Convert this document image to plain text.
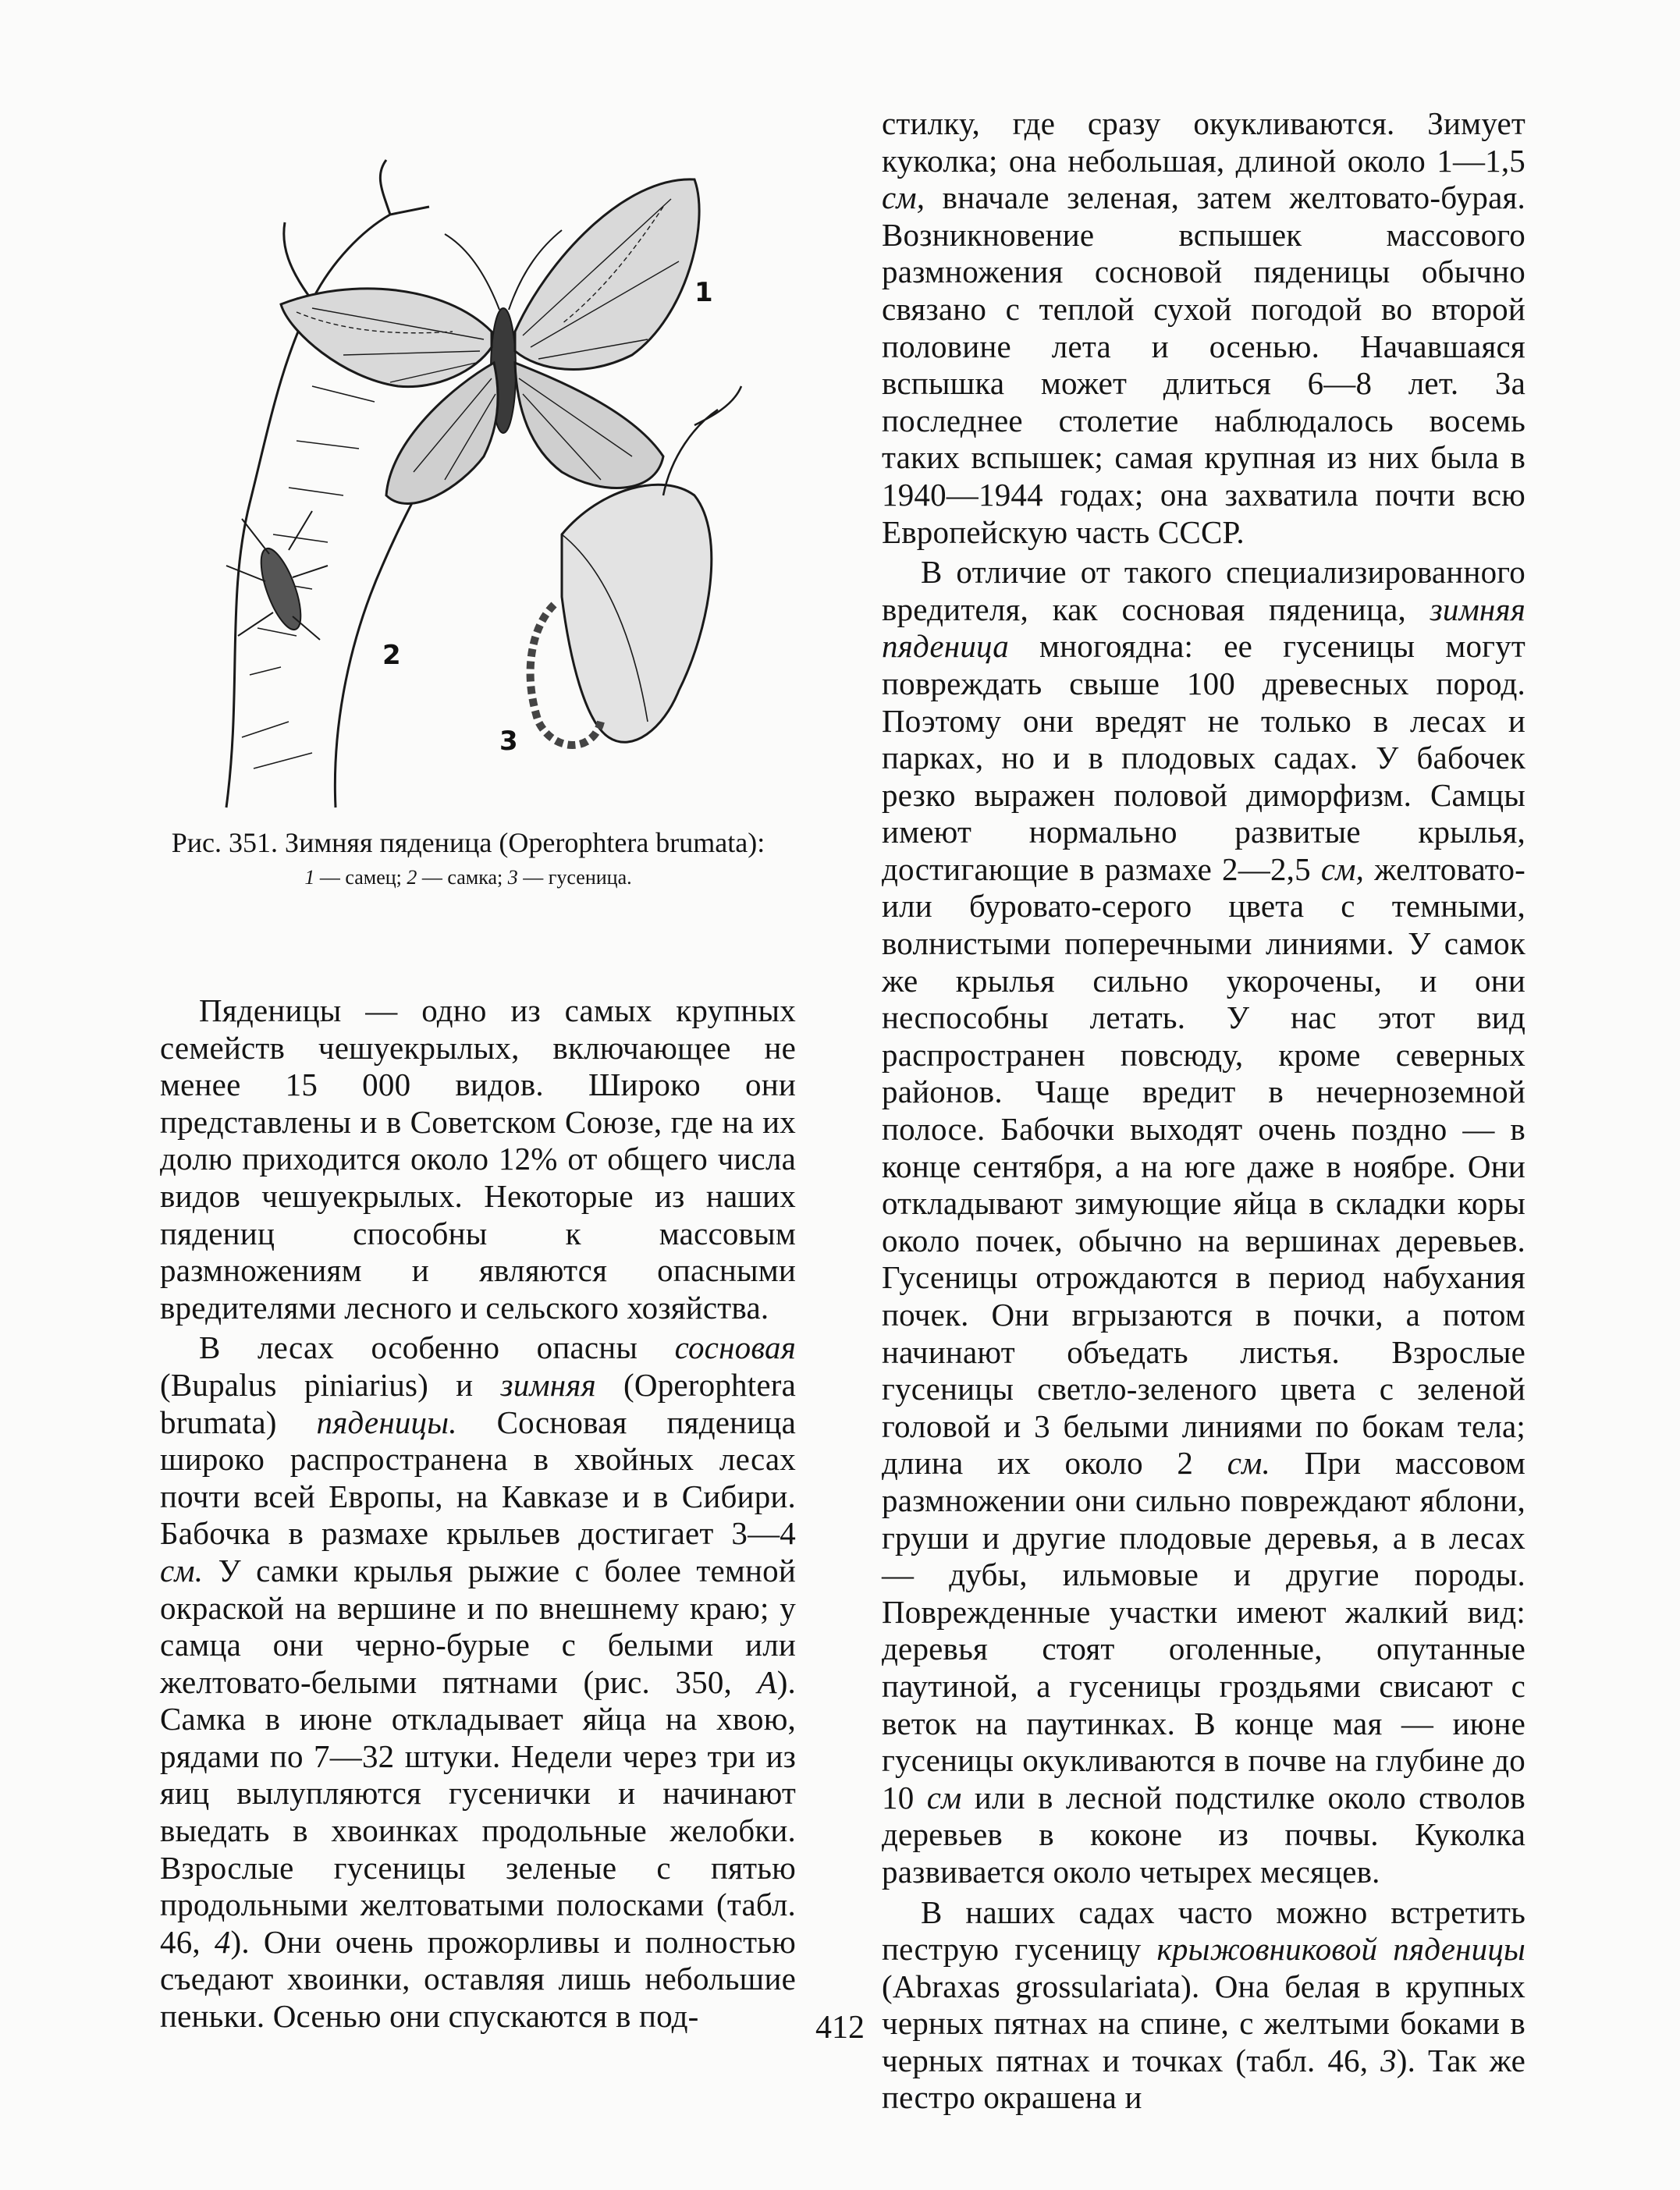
1
2
3
Рис. 351. Зимняя пяденица (Operophtera brumata):
1 — самец; 2 — самка; 3 — гусеница.

Пяденицы — одно из самых крупных семейств чешуекрылых, включающее не менее 15 000 видов. Широко они представлены и в Советском Союзе, где на их долю приходится около 12% от общего числа видов чешуекрылых. Некоторые из наших пядениц способны к массовым размножениям и являются опасными вредителями лесного и сельского хозяйства.

В лесах особенно опасны сосновая (Bupalus piniarius) и зимняя (Operophtera brumata) пяденицы. Сосновая пяденица широко распространена в хвойных лесах почти всей Европы, на Кавказе и в Сибири. Бабочка в размахе крыльев достигает 3—4 см. У самки крылья рыжие с более темной окраской на вершине и по внешнему краю; у самца они черно-бурые с белыми или желтовато-белыми пятнами (рис. 350, А). Самка в июне откладывает яйца на хвою, рядами по 7—32 штуки. Недели через три из яиц вылупляются гусенички и начинают выедать в хвоинках продольные желобки. Взрослые гусеницы зеленые с пятью продольными желтоватыми полосками (табл. 46, 4). Они очень прожорливы и полностью съедают хвоинки, оставляя лишь небольшие пеньки. Осенью они спускаются в под-

стилку, где сразу окукливаются. Зимует куколка; она небольшая, длиной около 1—1,5 см, вначале зеленая, затем желтовато-бурая. Возникновение вспышек массового размножения сосновой пяденицы обычно связано с теплой сухой погодой во второй половине лета и осенью. Начавшаяся вспышка может длиться 6—8 лет. За последнее столетие наблюдалось восемь таких вспышек; самая крупная из них была в 1940—1944 годах; она захватила почти всю Европейскую часть СССР.

В отличие от такого специализированного вредителя, как сосновая пяденица, зимняя пяденица многоядна: ее гусеницы могут повреждать свыше 100 древесных пород. Поэтому они вредят не только в лесах и парках, но и в плодовых садах. У бабочек резко выражен половой диморфизм. Самцы имеют нормально развитые крылья, достигающие в размахе 2—2,5 см, желтовато- или буровато-серого цвета с темными, волнистыми поперечными линиями. У самок же крылья сильно укорочены, и они неспособны летать. У нас этот вид распространен повсюду, кроме северных районов. Чаще вредит в нечерноземной полосе. Бабочки выходят очень поздно — в конце сентября, а на юге даже в ноябре. Они откладывают зимующие яйца в складки коры около почек, обычно на вершинах деревьев. Гусеницы отрождаются в период набухания почек. Они вгрызаются в почки, а потом начинают объедать листья. Взрослые гусеницы светло-зеленого цвета с зеленой головой и 3 белыми линиями по бокам тела; длина их около 2 см. При массовом размножении они сильно повреждают яблони, груши и другие плодовые деревья, а в лесах — дубы, ильмовые и другие породы. Поврежденные участки имеют жалкий вид: деревья стоят оголенные, опутанные паутиной, а гусеницы гроздьями свисают с веток на паутинках. В конце мая — июне гусеницы окукливаются в почве на глубине до 10 см или в лесной подстилке около стволов деревьев в коконе из почвы. Куколка развивается около четырех месяцев.

В наших садах часто можно встретить пеструю гусеницу крыжовниковой пяденицы (Abraxas grossulariata). Она белая в крупных черных пятнах на спине, с желтыми боками в черных пятнах и точках (табл. 46, 3). Так же пестро окрашена и

412
